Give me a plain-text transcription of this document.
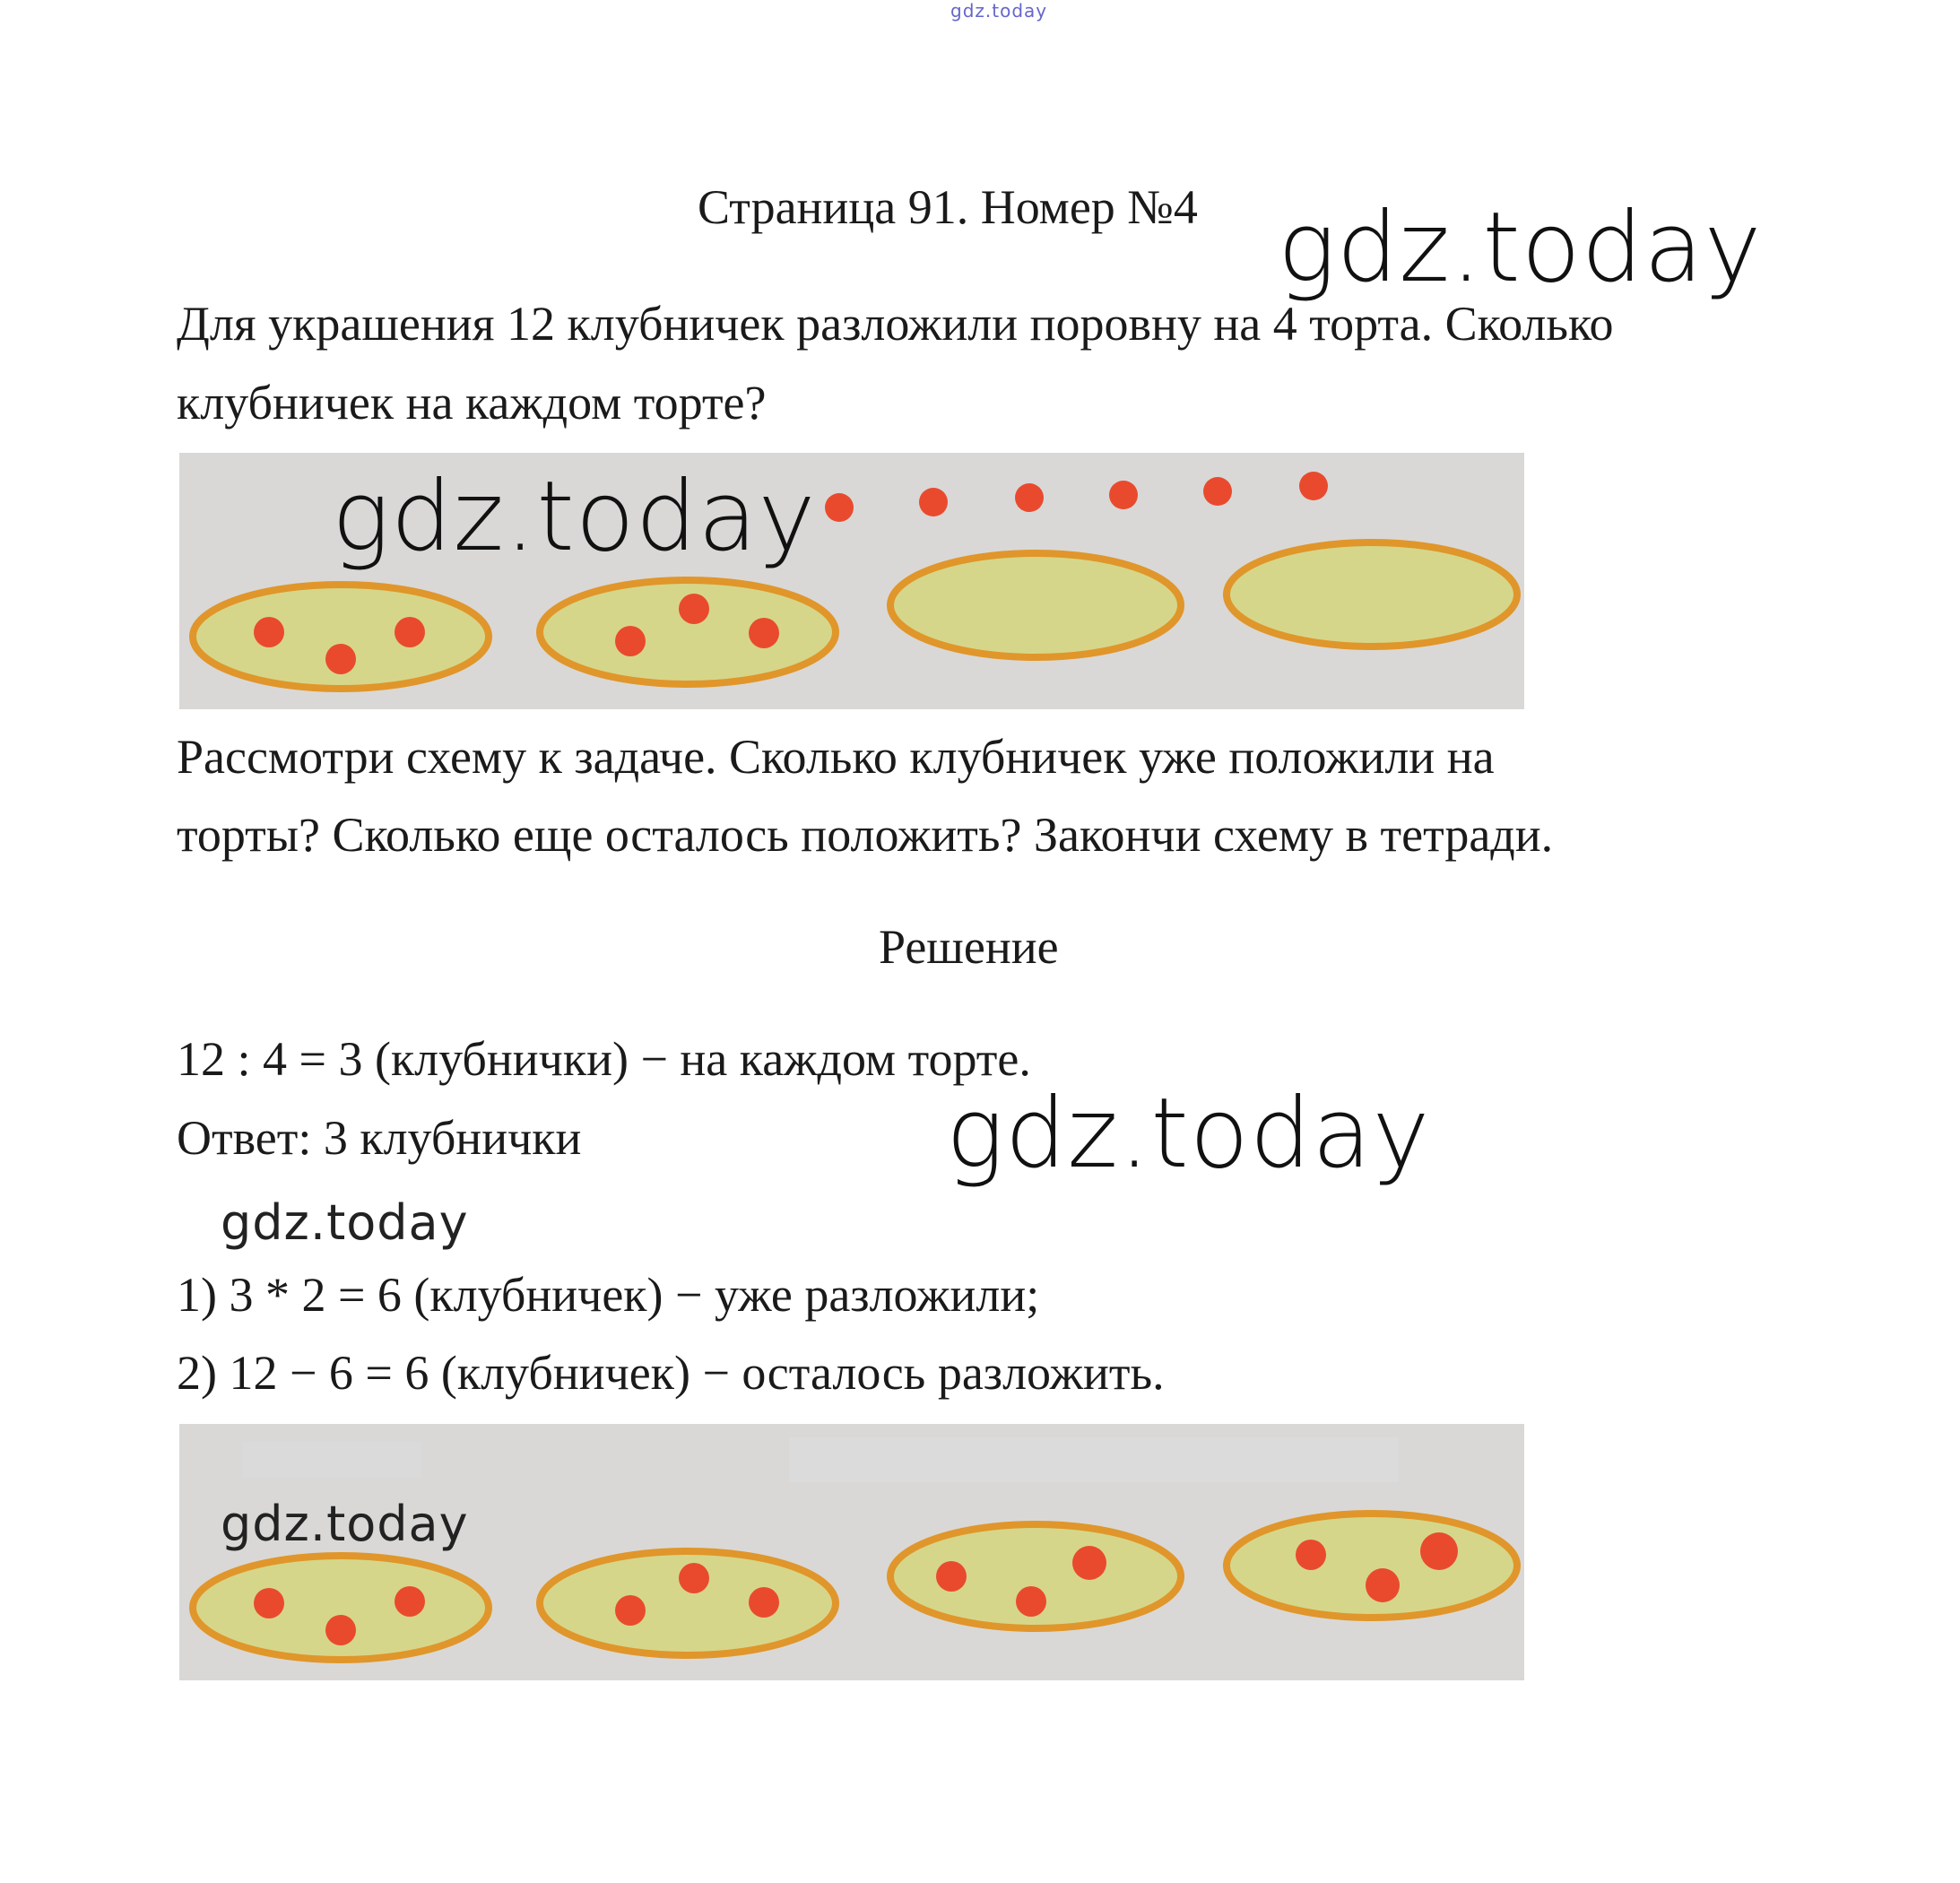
gdz.today
Страница 91. Номер №4 gdz.today
Для украшения 12 клубничек разложили поровну на 4 торта. Сколько
клубничек на каждом торте?
gdz.today
Рассмотри схему к задаче. Сколько клубничек уже положили на
торты? Сколько еще осталось положить? Закончи схему в тетради.
Решение
12 : 4 = 3 (клубнички) − на каждом торте.
Ответ: 3 клубнички	gdz.today
gdz.today
1) 3 * 2 = 6 (клубничек) − уже разложили;
2) 12 − 6 = 6 (клубничек) − осталось разложить.
gdz.today
